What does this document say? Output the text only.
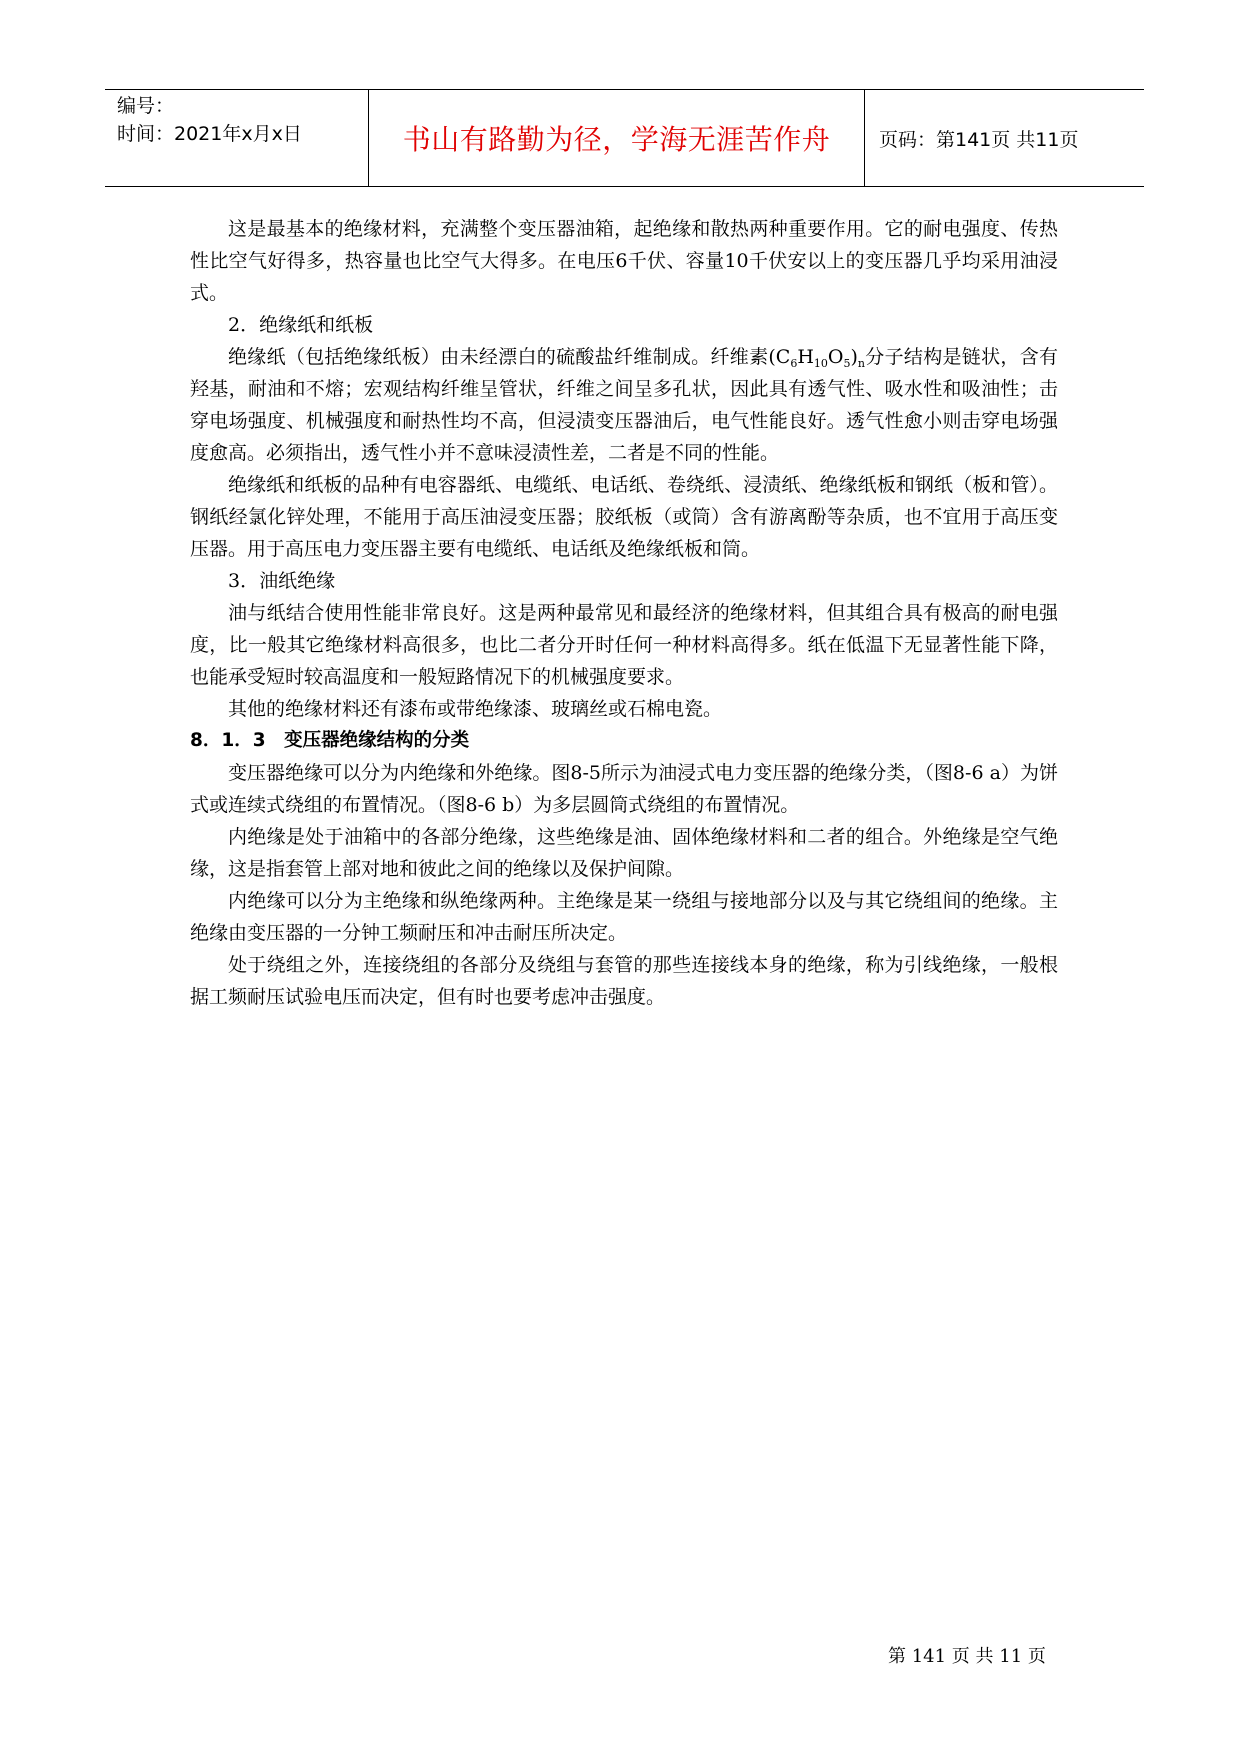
编号：
时间：2021年x月x日	书山有路勤为径，学海无涯苦作舟	页码：第141页 共11页

这是最基本的绝缘材料，充满整个变压器油箱，起绝缘和散热两种重要作用。它的耐电强度、传热性比空气好得多，热容量也比空气大得多。在电压6千伏、容量10千伏安以上的变压器几乎均采用油浸式。

2．绝缘纸和纸板

绝缘纸（包括绝缘纸板）由未经漂白的硫酸盐纤维制成。纤维素$(C_6H_{10}O_5)_n$分子结构是链状，含有羟基，耐油和不熔；宏观结构纤维呈管状，纤维之间呈多孔状，因此具有透气性、吸水性和吸油性；击穿电场强度、机械强度和耐热性均不高，但浸渍变压器油后，电气性能良好。透气性愈小则击穿电场强度愈高。必须指出，透气性小并不意味浸渍性差，二者是不同的性能。

绝缘纸和纸板的品种有电容器纸、电缆纸、电话纸、卷绕纸、浸渍纸、绝缘纸板和钢纸（板和管）。钢纸经氯化锌处理，不能用于高压油浸变压器；胶纸板（或筒）含有游离酚等杂质，也不宜用于高压变压器。用于高压电力变压器主要有电缆纸、电话纸及绝缘纸板和筒。

3．油纸绝缘

油与纸结合使用性能非常良好。这是两种最常见和最经济的绝缘材料，但其组合具有极高的耐电强度，比一般其它绝缘材料高很多，也比二者分开时任何一种材料高得多。纸在低温下无显著性能下降，也能承受短时较高温度和一般短路情况下的机械强度要求。

其他的绝缘材料还有漆布或带绝缘漆、玻璃丝或石棉电瓷。

8．1．3　变压器绝缘结构的分类

变压器绝缘可以分为内绝缘和外绝缘。图8-5所示为油浸式电力变压器的绝缘分类，（图8-6 a）为饼式或连续式绕组的布置情况。（图8-6 b）为多层圆筒式绕组的布置情况。

内绝缘是处于油箱中的各部分绝缘，这些绝缘是油、固体绝缘材料和二者的组合。外绝缘是空气绝缘，这是指套管上部对地和彼此之间的绝缘以及保护间隙。

内绝缘可以分为主绝缘和纵绝缘两种。主绝缘是某一绕组与接地部分以及与其它绕组间的绝缘。主绝缘由变压器的一分钟工频耐压和冲击耐压所决定。

处于绕组之外，连接绕组的各部分及绕组与套管的那些连接线本身的绝缘，称为引线绝缘，一般根据工频耐压试验电压而决定，但有时也要考虑冲击强度。

第 141 页 共 11 页
